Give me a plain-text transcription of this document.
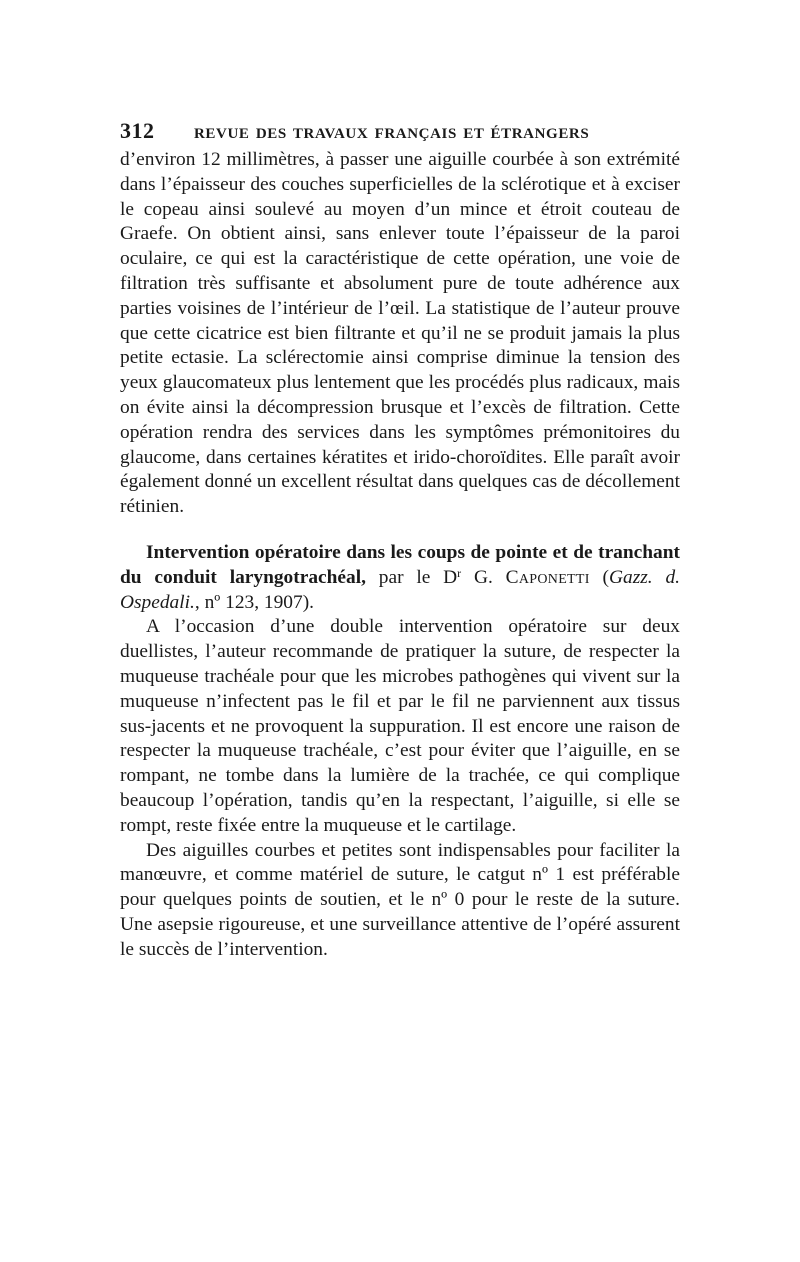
312	REVUE DES TRAVAUX FRANÇAIS ET ÉTRANGERS

d’environ 12 millimètres, à passer une aiguille courbée à son extrémité dans l’épaisseur des couches superficielles de la sclérotique et à exciser le copeau ainsi soulevé au moyen d’un mince et étroit couteau de Graefe. On obtient ainsi, sans enlever toute l’épaisseur de la paroi oculaire, ce qui est la caractéristique de cette opération, une voie de filtration très suffisante et absolument pure de toute adhérence aux parties voisines de l’intérieur de l’œil. La statistique de l’auteur prouve que cette cicatrice est bien filtrante et qu’il ne se produit jamais la plus petite ectasie. La sclérectomie ainsi comprise diminue la tension des yeux glaucomateux plus lentement que les procédés plus radicaux, mais on évite ainsi la décompression brusque et l’excès de filtration. Cette opération rendra des services dans les symptômes prémonitoires du glaucome, dans certaines kératites et irido-choroïdites. Elle paraît avoir également donné un excellent résultat dans quelques cas de décollement rétinien.

Intervention opératoire dans les coups de pointe et de tranchant du conduit laryngotrachéal, par le $D^r$ G. Caponetti (Gazz. d. Ospedali., nº 123, 1907).

A l’occasion d’une double intervention opératoire sur deux duellistes, l’auteur recommande de pratiquer la suture, de respecter la muqueuse trachéale pour que les microbes pathogènes qui vivent sur la muqueuse n’infectent pas le fil et par le fil ne parviennent aux tissus sus-jacents et ne provoquent la suppuration. Il est encore une raison de respecter la muqueuse trachéale, c’est pour éviter que l’aiguille, en se rompant, ne tombe dans la lumière de la trachée, ce qui complique beaucoup l’opération, tandis qu’en la respectant, l’aiguille, si elle se rompt, reste fixée entre la muqueuse et le cartilage.

Des aiguilles courbes et petites sont indispensables pour faciliter la manœuvre, et comme matériel de suture, le catgut nº 1 est préférable pour quelques points de soutien, et le nº 0 pour le reste de la suture. Une asepsie rigoureuse, et une surveillance attentive de l’opéré assurent le succès de l’intervention.
